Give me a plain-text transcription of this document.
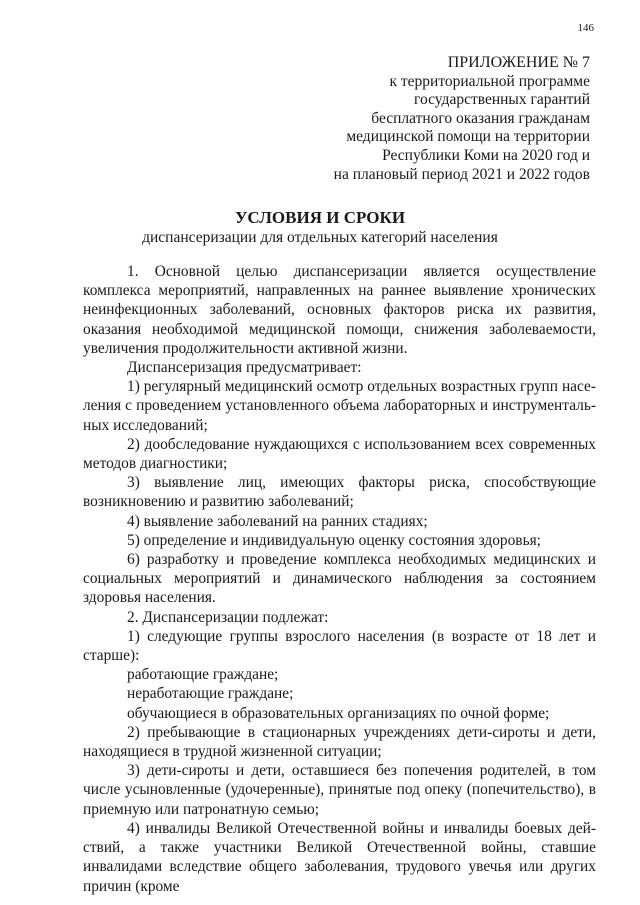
146
ПРИЛОЖЕНИЕ № 7
к территориальной программе
государственных гарантий
бесплатного оказания гражданам
медицинской помощи на территории
Республики Коми на 2020 год и
на плановый период 2021 и 2022 годов
УСЛОВИЯ И СРОКИ
диспансеризации для отдельных категорий населения

1. Основной целью диспансеризации является осуществление комплекса мероприятий, направленных на раннее выявление хронических неинфекционных заболеваний, основных факторов риска их развития, оказания необходимой медицинской помощи, снижения заболеваемости, увеличения продолжительности активной жизни.

Диспансеризация предусматривает:

1) регулярный медицинский осмотр отдельных возрастных групп населения с проведением установленного объема лабораторных и инструментальных исследований;

2) дообследование нуждающихся с использованием всех современных методов диагностики;

3) выявление лиц, имеющих факторы риска, способствующие возникновению и развитию заболеваний;

4) выявление заболеваний на ранних стадиях;

5) определение и индивидуальную оценку состояния здоровья;

6) разработку и проведение комплекса необходимых медицинских и социальных мероприятий и динамического наблюдения за состоянием здоровья населения.

2. Диспансеризации подлежат:

1) следующие группы взрослого населения (в возрасте от 18 лет и старше):

работающие граждане;

неработающие граждане;

обучающиеся в образовательных организациях по очной форме;

2) пребывающие в стационарных учреждениях дети-сироты и дети, находящиеся в трудной жизненной ситуации;

3) дети-сироты и дети, оставшиеся без попечения родителей, в том числе усыновленные (удочеренные), принятые под опеку (попечительство), в приемную или патронатную семью;

4) инвалиды Великой Отечественной войны и инвалиды боевых действий, а также участники Великой Отечественной войны, ставшие инвалидами вследствие общего заболевания, трудового увечья или других причин (кроме
